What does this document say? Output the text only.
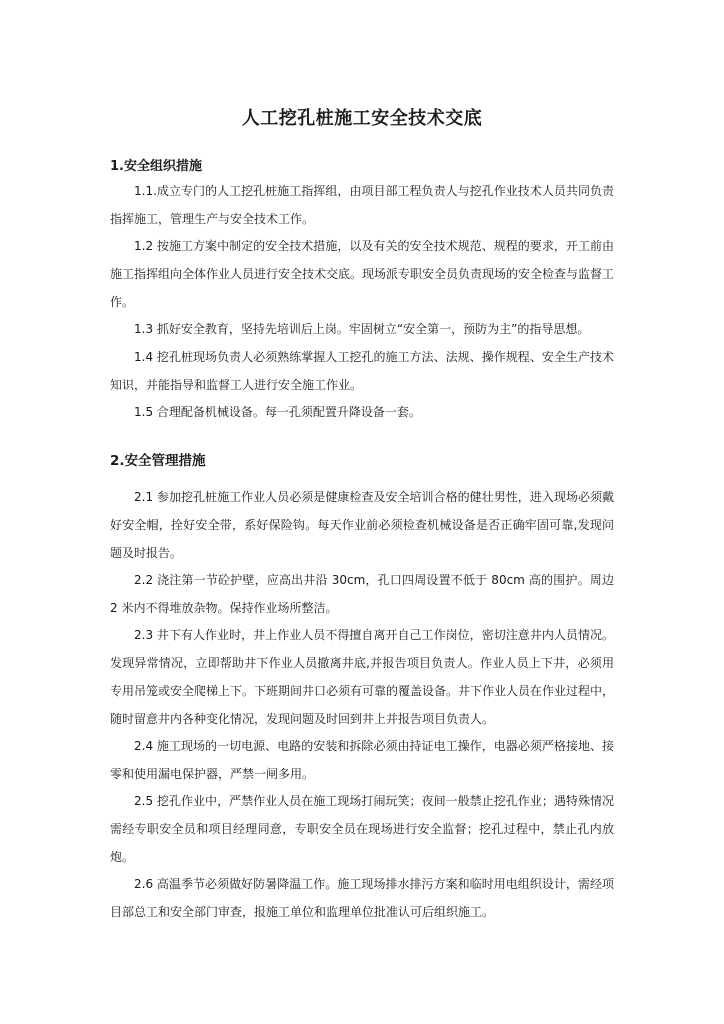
人工挖孔桩施工安全技术交底
1.安全组织措施

1.1.成立专门的人工挖孔桩施工指挥组，由项目部工程负责人与挖孔作业技术人员共同负责指挥施工，管理生产与安全技术工作。

1.2 按施工方案中制定的安全技术措施，以及有关的安全技术规范、规程的要求，开工前由施工指挥组向全体作业人员进行安全技术交底。现场派专职安全员负责现场的安全检查与监督工作。

1.3 抓好安全教育，坚持先培训后上岗。牢固树立“安全第一，预防为主”的指导思想。

1.4 挖孔桩现场负责人必须熟练掌握人工挖孔的施工方法、法规、操作规程、安全生产技术知识，并能指导和监督工人进行安全施工作业。

1.5 合理配备机械设备。每一孔须配置升降设备一套。

2.安全管理措施

2.1 参加挖孔桩施工作业人员必须是健康检查及安全培训合格的健壮男性，进入现场必须戴好安全帽，拴好安全带，系好保险钩。每天作业前必须检查机械设备是否正确牢固可靠,发现问题及时报告。

2.2 浇注第一节砼护壁，应高出井沿 30cm，孔口四周设置不低于 80cm 高的围护。周边 2 米内不得堆放杂物。保持作业场所整洁。

2.3 井下有人作业时，井上作业人员不得擅自离开自己工作岗位，密切注意井内人员情况。发现异常情况，立即帮助井下作业人员撤离井底,并报告项目负责人。作业人员上下井，必须用专用吊笼或安全爬梯上下。下班期间井口必须有可靠的覆盖设备。井下作业人员在作业过程中，随时留意井内各种变化情况，发现问题及时回到井上并报告项目负责人。

2.4 施工现场的一切电源、电路的安装和拆除必须由持证电工操作，电器必须严格接地、接零和使用漏电保护器，严禁一闸多用。

2.5 挖孔作业中，严禁作业人员在施工现场打闹玩笑；夜间一般禁止挖孔作业；遇特殊情况需经专职安全员和项目经理同意，专职安全员在现场进行安全监督；挖孔过程中，禁止孔内放炮。

2.6 高温季节必须做好防暑降温工作。施工现场排水排污方案和临时用电组织设计，需经项目部总工和安全部门审查，报施工单位和监理单位批准认可后组织施工。
